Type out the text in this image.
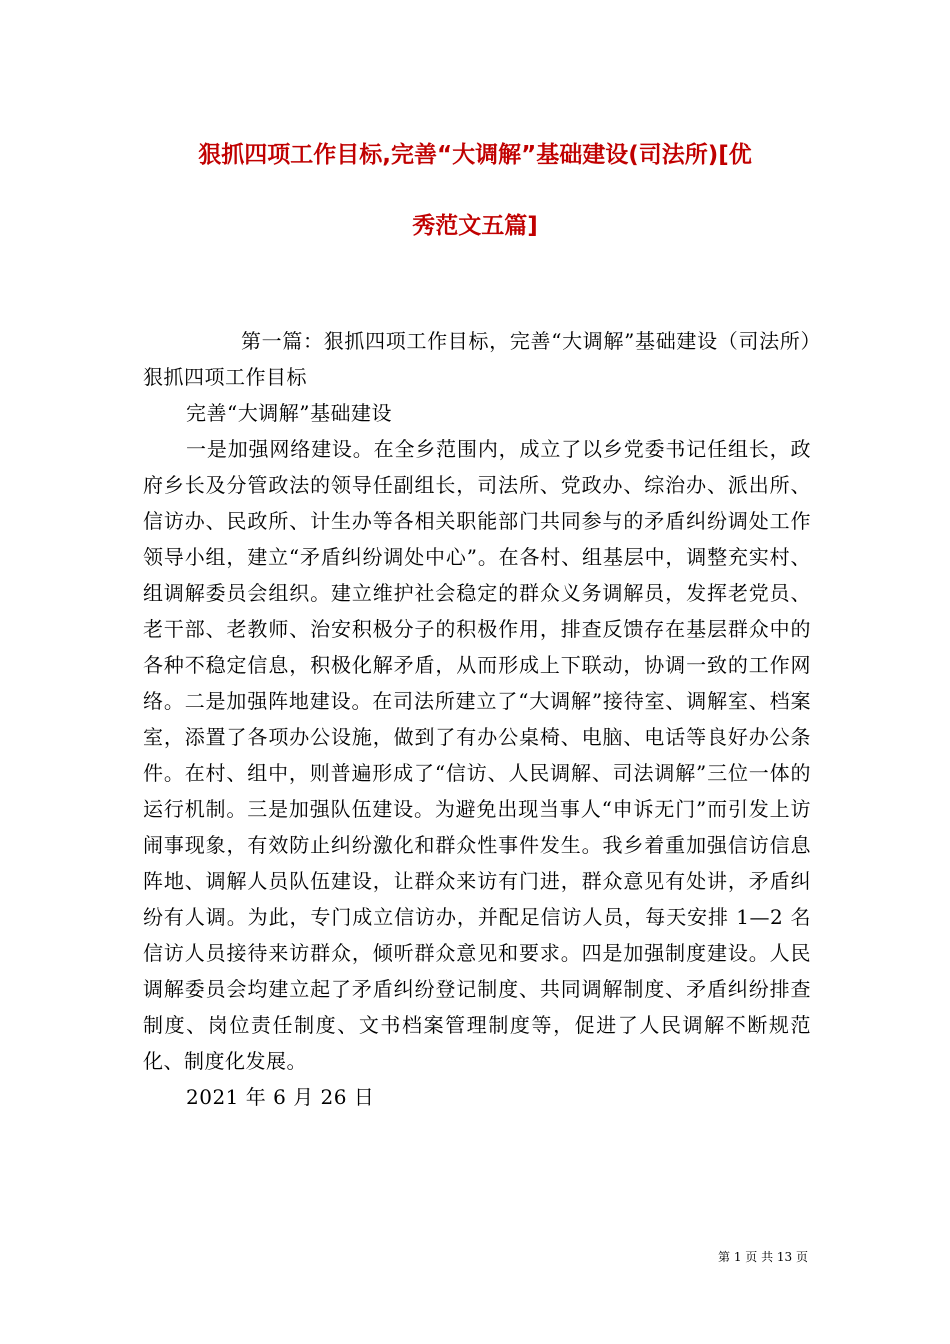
狠抓四项工作目标,完善“大调解”基础建设(司法所)[优
秀范文五篇]

第一篇：狠抓四项工作目标，完善“大调解”基础建设（司法所）狠抓四项工作目标

完善“大调解”基础建设

一是加强网络建设。在全乡范围内，成立了以乡党委书记任组长，政府乡长及分管政法的领导任副组长，司法所、党政办、综治办、派出所、信访办、民政所、计生办等各相关职能部门共同参与的矛盾纠纷调处工作领导小组，建立“矛盾纠纷调处中心”。在各村、组基层中，调整充实村、组调解委员会组织。建立维护社会稳定的群众义务调解员，发挥老党员、老干部、老教师、治安积极分子的积极作用，排查反馈存在基层群众中的各种不稳定信息，积极化解矛盾，从而形成上下联动，协调一致的工作网络。二是加强阵地建设。在司法所建立了“大调解”接待室、调解室、档案室，添置了各项办公设施，做到了有办公桌椅、电脑、电话等良好办公条件。在村、组中，则普遍形成了“信访、人民调解、司法调解”三位一体的运行机制。三是加强队伍建设。为避免出现当事人“申诉无门”而引发上访闹事现象，有效防止纠纷激化和群众性事件发生。我乡着重加强信访信息阵地、调解人员队伍建设，让群众来访有门进，群众意见有处讲，矛盾纠纷有人调。为此，专门成立信访办，并配足信访人员，每天安排 1—2 名信访人员接待来访群众，倾听群众意见和要求。四是加强制度建设。人民调解委员会均建立起了矛盾纠纷登记制度、共同调解制度、矛盾纠纷排查制度、岗位责任制度、文书档案管理制度等，促进了人民调解不断规范化、制度化发展。

2021 年 6 月 26 日

第 1 页 共 13 页
